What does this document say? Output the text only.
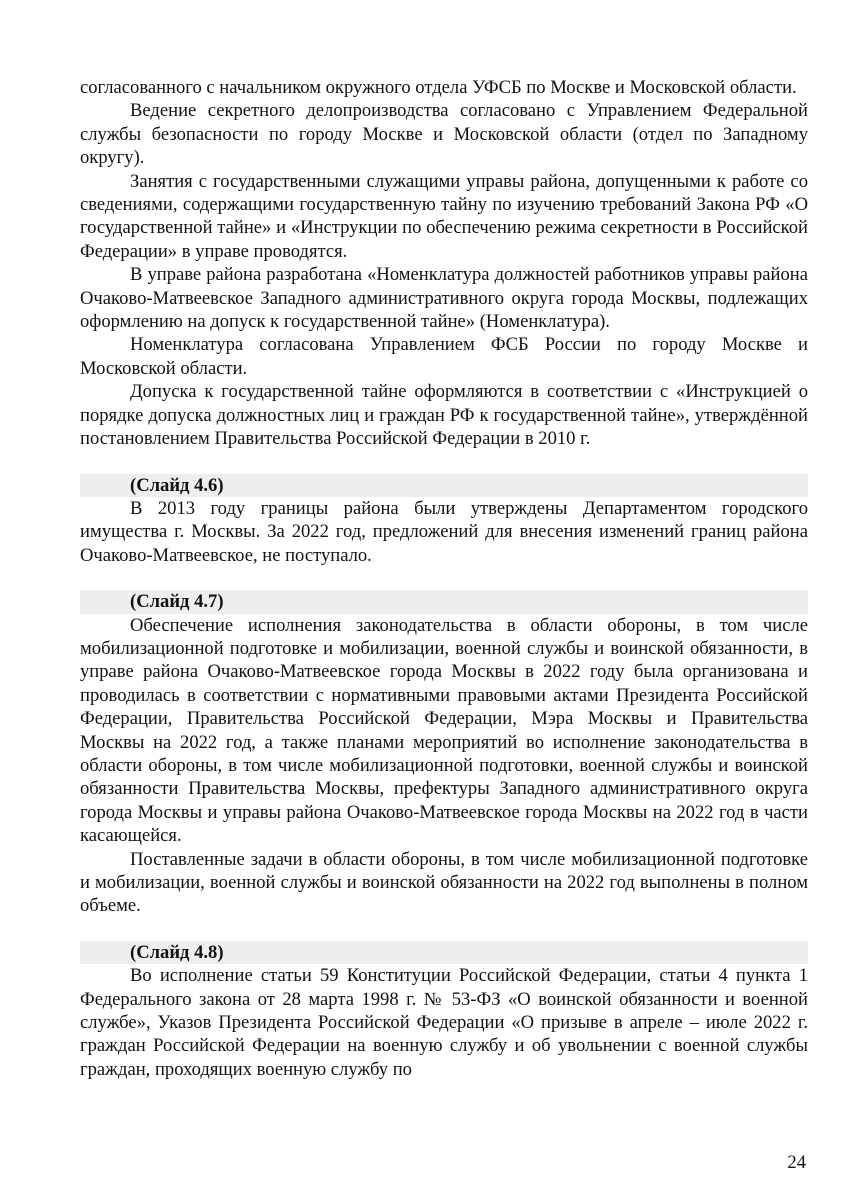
согласованного с начальником окружного отдела УФСБ по Москве и Московской области.

Ведение секретного делопроизводства согласовано с Управлением Федеральной службы безопасности по городу Москве и Московской области (отдел по Западному округу).

Занятия с государственными служащими управы района, допущенными к работе со сведениями, содержащими государственную тайну по изучению требований Закона РФ «О государственной тайне» и «Инструкции по обеспечению режима секретности в Российской Федерации» в управе проводятся.

В управе района разработана «Номенклатура должностей работников управы района Очаково-Матвеевское Западного административного округа города Москвы, подлежащих оформлению на допуск к государственной тайне» (Номенклатура).

Номенклатура согласована Управлением ФСБ России по городу Москве и Московской области.

Допуска к государственной тайне оформляются в соответствии с «Инструкцией о порядке допуска должностных лиц и граждан РФ к государственной тайне», утверждённой постановлением Правительства Российской Федерации в 2010 г.

(Слайд 4.6)

В 2013 году границы района были утверждены Департаментом городского имущества г. Москвы. За 2022 год, предложений для внесения изменений границ района Очаково-Матвеевское, не поступало.

(Слайд 4.7)

Обеспечение исполнения законодательства в области обороны, в том числе мобилизационной подготовке и мобилизации, военной службы и воинской обязанности, в управе района Очаково-Матвеевское города Москвы в 2022 году была организована и проводилась в соответствии с нормативными правовыми актами Президента Российской Федерации, Правительства Российской Федерации, Мэра Москвы и Правительства Москвы на 2022 год, а также планами мероприятий во исполнение законодательства в области обороны, в том числе мобилизационной подготовки, военной службы и воинской обязанности Правительства Москвы, префектуры Западного административного округа города Москвы и управы района Очаково-Матвеевское города Москвы на 2022 год в части касающейся.

Поставленные задачи в области обороны, в том числе мобилизационной подготовке и мобилизации, военной службы и воинской обязанности на 2022 год выполнены в полном объеме.

(Слайд 4.8)

Во исполнение статьи 59 Конституции Российской Федерации, статьи 4 пункта 1 Федерального закона от 28 марта 1998 г. № 53-ФЗ «О воинской обязанности и военной службе», Указов Президента Российской Федерации «О призыве в апреле – июле 2022 г. граждан Российской Федерации на военную службу и об увольнении с военной службы граждан, проходящих военную службу по

24
